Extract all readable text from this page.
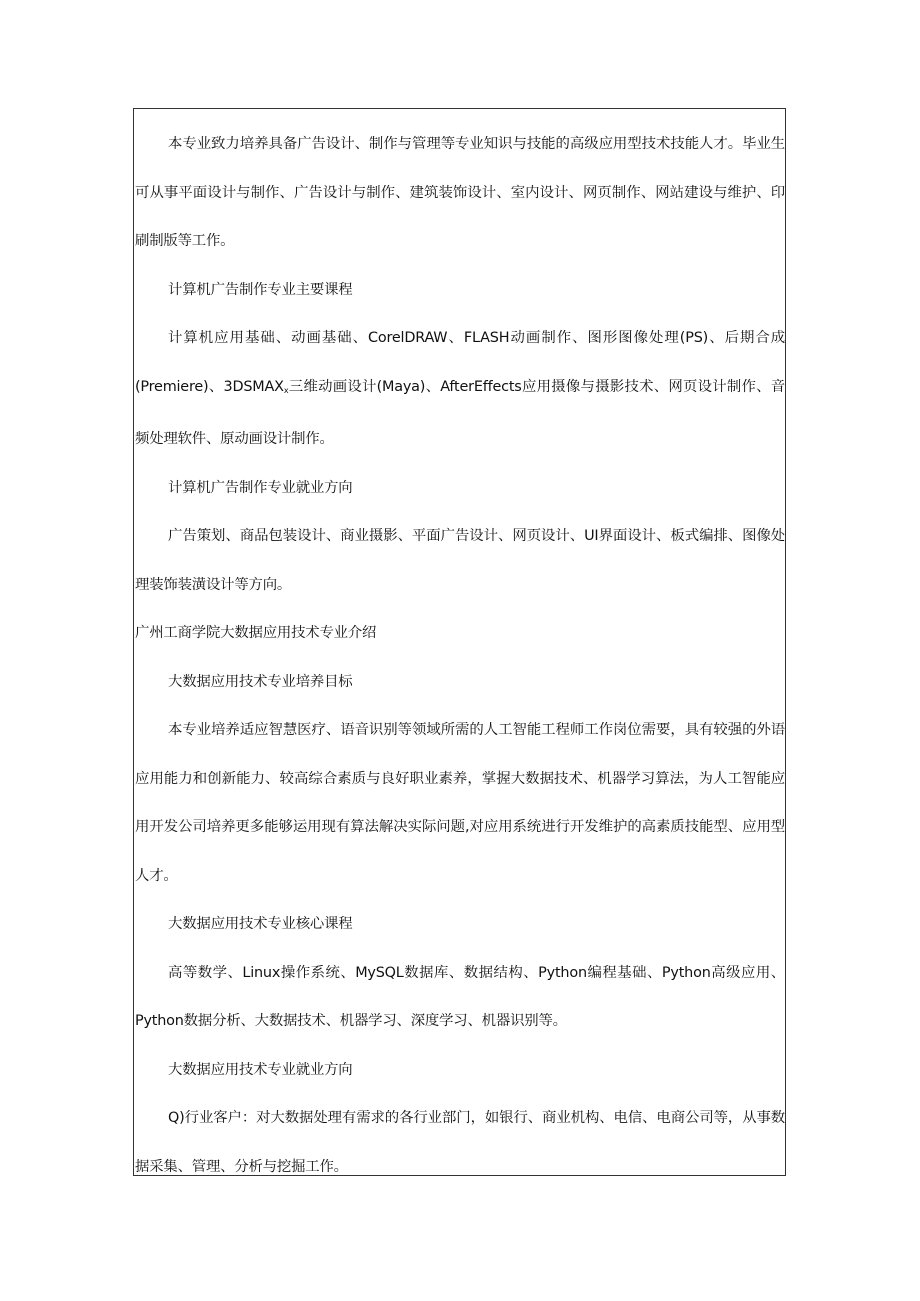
本专业致力培养具备广告设计、制作与管理等专业知识与技能的高级应用型技术技能人才。毕业生可从事平面设计与制作、广告设计与制作、建筑装饰设计、室内设计、网页制作、网站建设与维护、印刷制版等工作。

计算机广告制作专业主要课程

计算机应用基础、动画基础、CorelDRAW、FLASH动画制作、图形图像处理(PS)、后期合成(Premiere)、$3DSMAX_x$三维动画设计(Maya)、AfterEffects应用摄像与摄影技术、网页设计制作、音频处理软件、原动画设计制作。

计算机广告制作专业就业方向

广告策划、商品包装设计、商业摄影、平面广告设计、网页设计、UI界面设计、板式编排、图像处理装饰装潢设计等方向。

广州工商学院大数据应用技术专业介绍

大数据应用技术专业培养目标

本专业培养适应智慧医疗、语音识别等领域所需的人工智能工程师工作岗位需要，具有较强的外语应用能力和创新能力、较高综合素质与良好职业素养，掌握大数据技术、机器学习算法，为人工智能应用开发公司培养更多能够运用现有算法解决实际问题,对应用系统进行开发维护的高素质技能型、应用型人才。

大数据应用技术专业核心课程

高等数学、Linux操作系统、MySQL数据库、数据结构、Python编程基础、Python高级应用、Python数据分析、大数据技术、机器学习、深度学习、机器识别等。

大数据应用技术专业就业方向

Q)行业客户：对大数据处理有需求的各行业部门，如银行、商业机构、电信、电商公司等，从事数据采集、管理、分析与挖掘工作。
